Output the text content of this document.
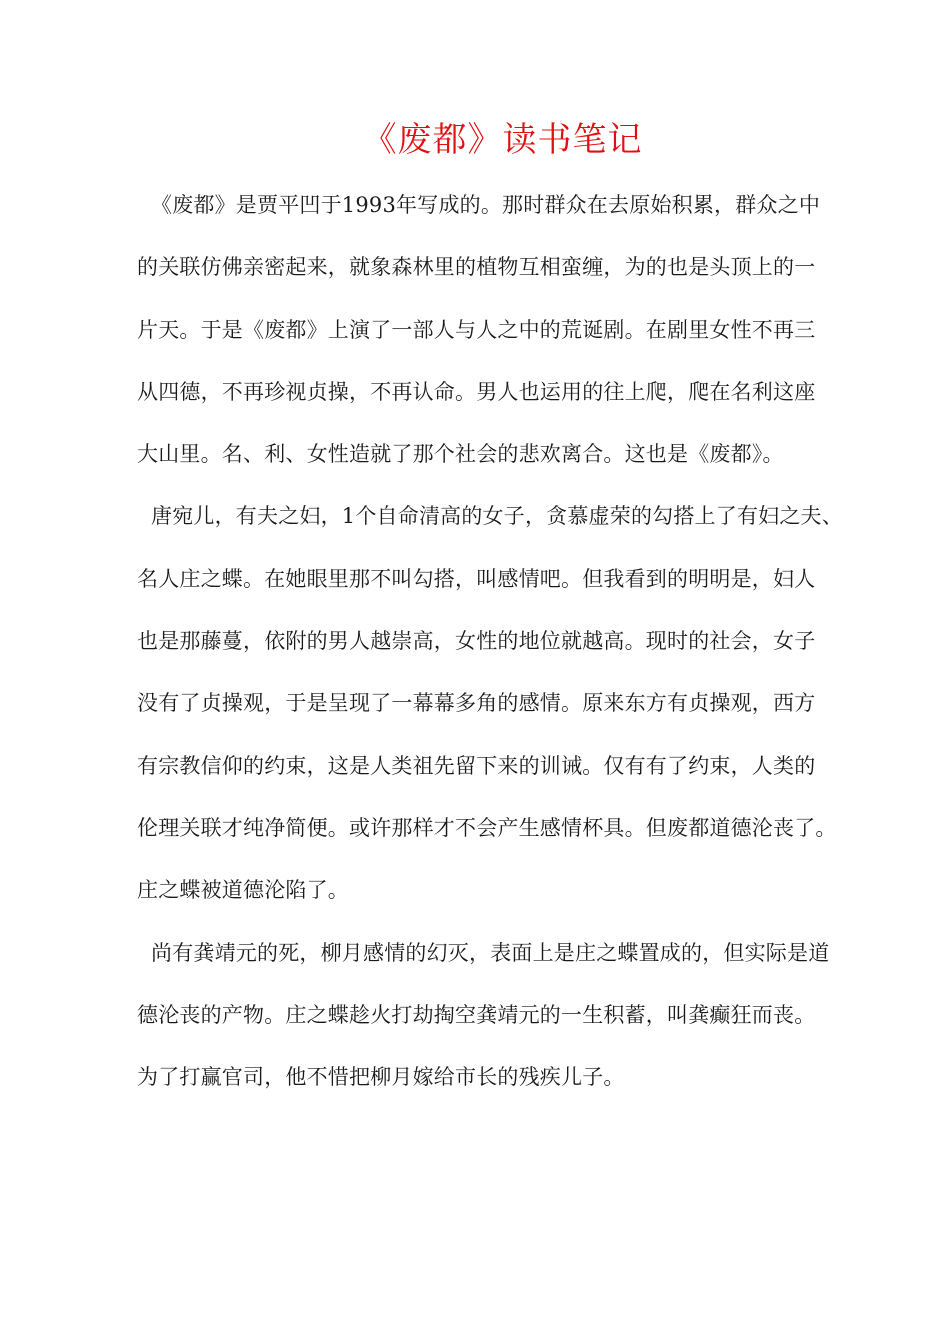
《废都》读书笔记
《废都》是贾平凹于1993年写成的。那时群众在去原始积累，群众之中
的关联仿佛亲密起来，就象森林里的植物互相蛮缠，为的也是头顶上的一
片天。于是《废都》上演了一部人与人之中的荒诞剧。在剧里女性不再三
从四德，不再珍视贞操，不再认命。男人也运用的往上爬，爬在名利这座
大山里。名、利、女性造就了那个社会的悲欢离合。这也是《废都》。
唐宛儿，有夫之妇，1个自命清高的女子，贪慕虚荣的勾搭上了有妇之夫、
名人庄之蝶。在她眼里那不叫勾搭，叫感情吧。但我看到的明明是，妇人
也是那藤蔓，依附的男人越崇高，女性的地位就越高。现时的社会，女子
没有了贞操观，于是呈现了一幕幕多角的感情。原来东方有贞操观，西方
有宗教信仰的约束，这是人类祖先留下来的训诫。仅有有了约束，人类的
伦理关联才纯净简便。或许那样才不会产生感情杯具。但废都道德沦丧了。
庄之蝶被道德沦陷了。
尚有龚靖元的死，柳月感情的幻灭，表面上是庄之蝶置成的，但实际是道
德沦丧的产物。庄之蝶趁火打劫掏空龚靖元的一生积蓄，叫龚癫狂而丧。
为了打赢官司，他不惜把柳月嫁给市长的残疾儿子。
